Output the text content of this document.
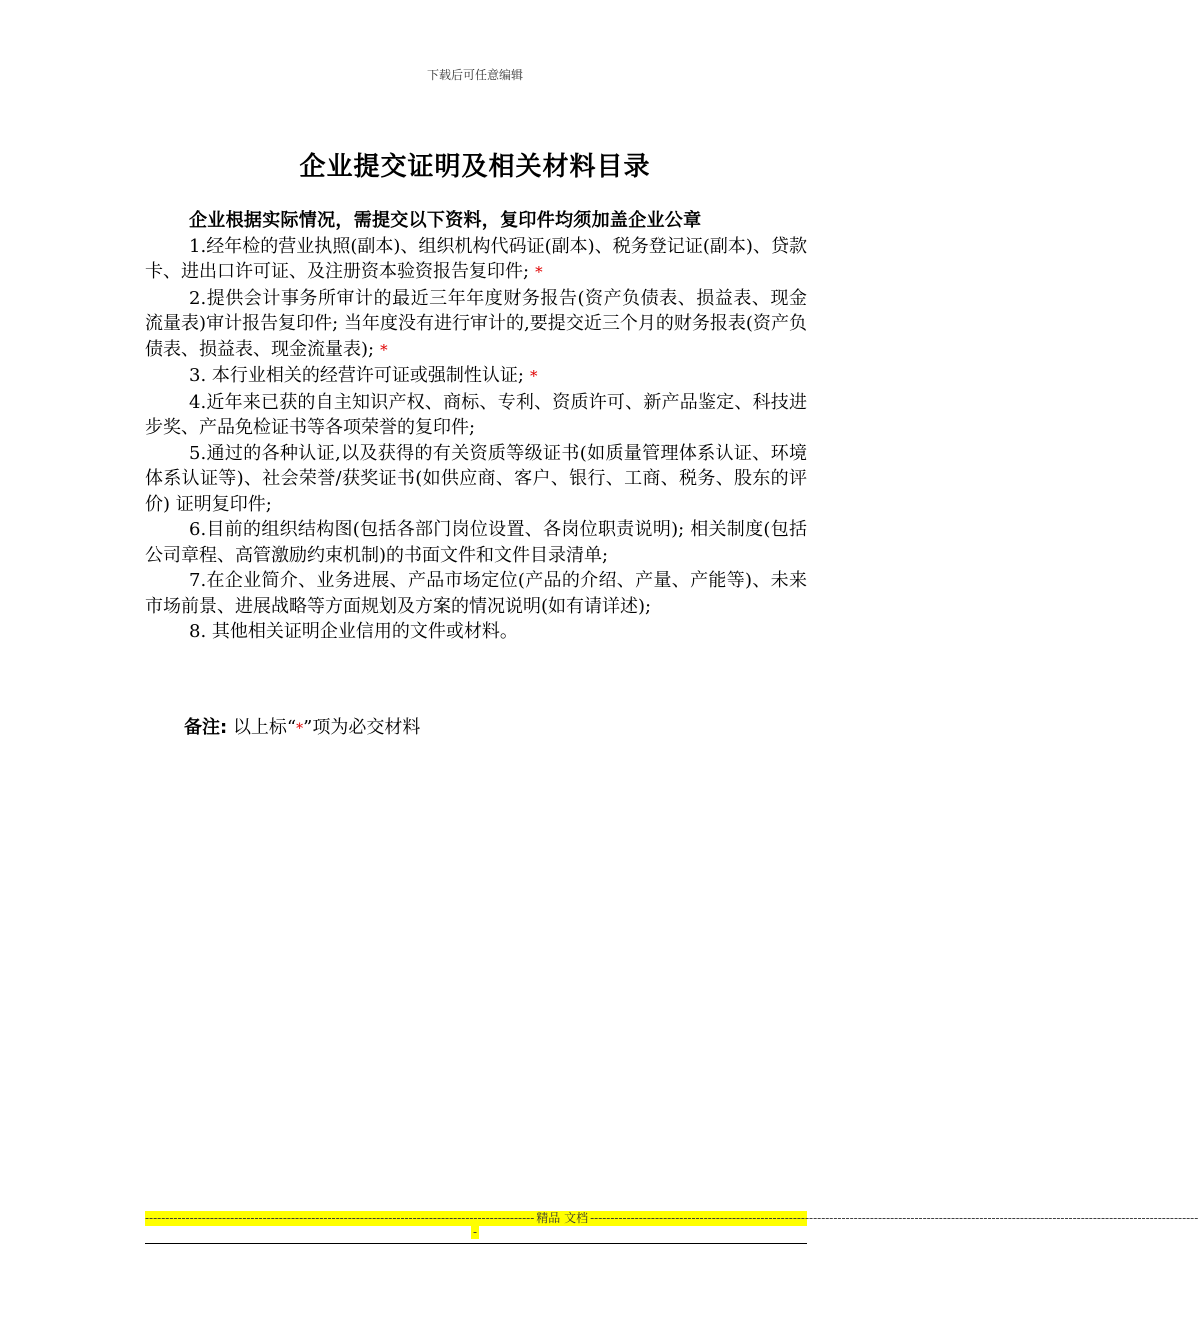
下载后可任意编辑
企业提交证明及相关材料目录
企业根据实际情况，需提交以下资料，复印件均须加盖企业公章

1.经年检的营业执照(副本)、组织机构代码证(副本)、税务登记证(副本)、贷款卡、进出口许可证、及注册资本验资报告复印件; *

2.提供会计事务所审计的最近三年年度财务报告(资产负债表、损益表、现金流量表)审计报告复印件; 当年度没有进行审计的,要提交近三个月的财务报表(资产负债表、损益表、现金流量表); *

3. 本行业相关的经营许可证或强制性认证; *

4.近年来已获的自主知识产权、商标、专利、资质许可、新产品鉴定、科技进步奖、产品免检证书等各项荣誉的复印件;

5.通过的各种认证,以及获得的有关资质等级证书(如质量管理体系认证、环境体系认证等)、社会荣誉/获奖证书(如供应商、客户、银行、工商、税务、股东的评价) 证明复印件;

6.目前的组织结构图(包括各部门岗位设置、各岗位职责说明); 相关制度(包括公司章程、高管激励约束机制)的书面文件和文件目录清单;

7.在企业简介、业务进展、产品市场定位(产品的介绍、产量、产能等)、未来市场前景、进展战略等方面规划及方案的情况说明(如有请详述);

8. 其他相关证明企业信用的文件或材料。

备注: 以上标“*”项为必交材料
------------------------------------------------------------------------------------------------ 精品 文档 ------------------------------------------------------------------------------------------------------------------------------------------------------
-
